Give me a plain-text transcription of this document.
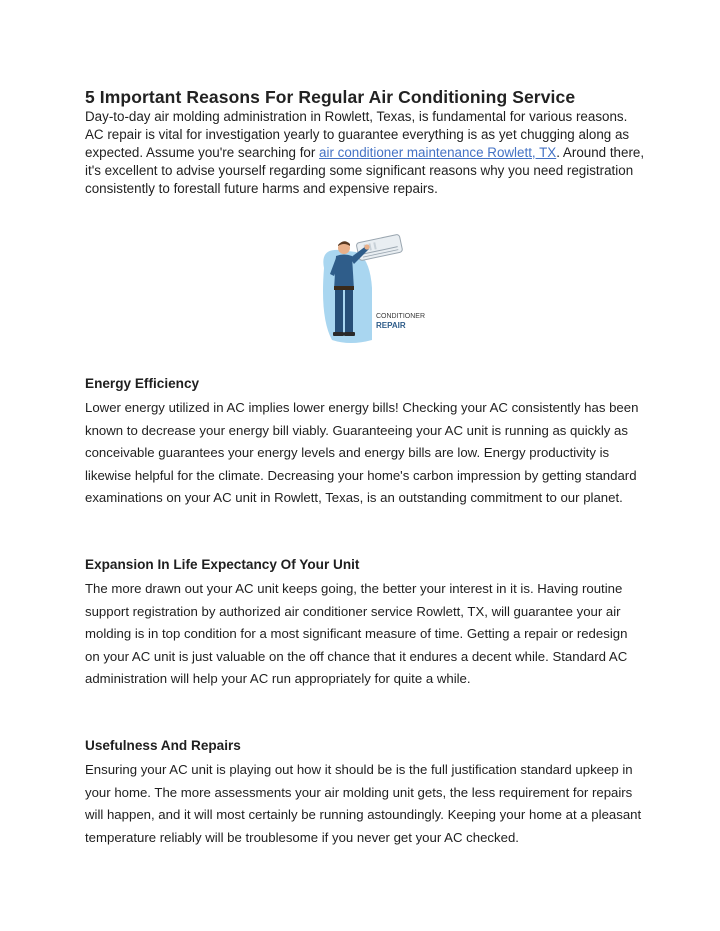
5 Important Reasons For Regular Air Conditioning Service

Day-to-day air molding administration in Rowlett, Texas, is fundamental for various reasons. AC repair is vital for investigation yearly to guarantee everything is as yet chugging along as expected. Assume you're searching for air conditioner maintenance Rowlett, TX. Around there, it's excellent to advise yourself regarding some significant reasons why you need registration consistently to forestall future harms and expensive repairs.

CONDITIONER
REPAIR
Energy Efficiency

Lower energy utilized in AC implies lower energy bills! Checking your AC consistently has been known to decrease your energy bill viably. Guaranteeing your AC unit is running as quickly as conceivable guarantees your energy levels and energy bills are low. Energy productivity is likewise helpful for the climate. Decreasing your home's carbon impression by getting standard examinations on your AC unit in Rowlett, Texas, is an outstanding commitment to our planet.

Expansion In Life Expectancy Of Your Unit

The more drawn out your AC unit keeps going, the better your interest in it is. Having routine support registration by authorized air conditioner service Rowlett, TX, will guarantee your air molding is in top condition for a most significant measure of time. Getting a repair or redesign on your AC unit is just valuable on the off chance that it endures a decent while. Standard AC administration will help your AC run appropriately for quite a while.

Usefulness And Repairs

Ensuring your AC unit is playing out how it should be is the full justification standard upkeep in your home. The more assessments your air molding unit gets, the less requirement for repairs will happen, and it will most certainly be running astoundingly. Keeping your home at a pleasant temperature reliably will be troublesome if you never get your AC checked.
